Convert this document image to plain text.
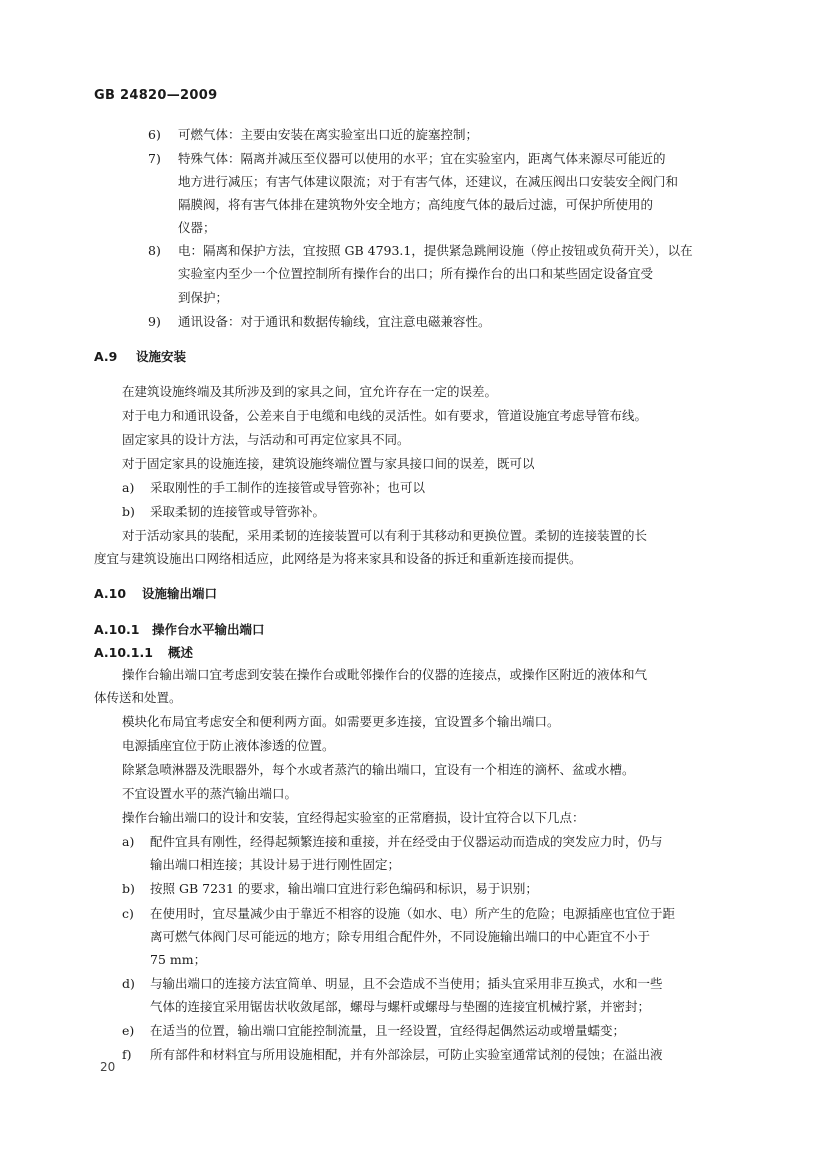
GB 24820—2009
6) 可燃气体：主要由安装在离实验室出口近的旋塞控制；
7) 特殊气体：隔离并减压至仪器可以使用的水平；宜在实验室内，距离气体来源尽可能近的
地方进行减压；有害气体建议限流；对于有害气体，还建议，在减压阀出口安装安全阀门和
隔膜阀，将有害气体排在建筑物外安全地方；高纯度气体的最后过滤，可保护所使用的
仪器；
8) 电：隔离和保护方法，宜按照 GB 4793.1，提供紧急跳闸设施（停止按钮或负荷开关），以在
实验室内至少一个位置控制所有操作台的出口；所有操作台的出口和某些固定设备宜受
到保护；
9) 通讯设备：对于通讯和数据传输线，宜注意电磁兼容性。
A.9 设施安装
在建筑设施终端及其所涉及到的家具之间，宜允许存在一定的误差。
对于电力和通讯设备，公差来自于电缆和电线的灵活性。如有要求，管道设施宜考虑导管布线。
固定家具的设计方法，与活动和可再定位家具不同。
对于固定家具的设施连接，建筑设施终端位置与家具接口间的误差，既可以
a) 采取刚性的手工制作的连接管或导管弥补；也可以
b) 采取柔韧的连接管或导管弥补。
对于活动家具的装配，采用柔韧的连接装置可以有利于其移动和更换位置。柔韧的连接装置的长
度宜与建筑设施出口网络相适应，此网络是为将来家具和设备的拆迁和重新连接而提供。
A.10 设施输出端口
A.10.1 操作台水平输出端口
A.10.1.1 概述
操作台输出端口宜考虑到安装在操作台或毗邻操作台的仪器的连接点，或操作区附近的液体和气
体传送和处置。
模块化布局宜考虑安全和便利两方面。如需要更多连接，宜设置多个输出端口。
电源插座宜位于防止液体渗透的位置。
除紧急喷淋器及洗眼器外，每个水或者蒸汽的输出端口，宜设有一个相连的滴杯、盆或水槽。
不宜设置水平的蒸汽输出端口。
操作台输出端口的设计和安装，宜经得起实验室的正常磨损，设计宜符合以下几点：
a) 配件宜具有刚性，经得起频繁连接和重接，并在经受由于仪器运动而造成的突发应力时，仍与
输出端口相连接；其设计易于进行刚性固定；
b) 按照 GB 7231 的要求，输出端口宜进行彩色编码和标识，易于识别；
c) 在使用时，宜尽量减少由于靠近不相容的设施（如水、电）所产生的危险；电源插座也宜位于距
离可燃气体阀门尽可能远的地方；除专用组合配件外，不同设施输出端口的中心距宜不小于
75 mm；
d) 与输出端口的连接方法宜简单、明显，且不会造成不当使用；插头宜采用非互换式，水和一些
气体的连接宜采用锯齿状收敛尾部，螺母与螺杆或螺母与垫圈的连接宜机械拧紧，并密封；
e) 在适当的位置，输出端口宜能控制流量，且一经设置，宜经得起偶然运动或增量蠕变；
f) 所有部件和材料宜与所用设施相配，并有外部涂层，可防止实验室通常试剂的侵蚀；在溢出液
20
